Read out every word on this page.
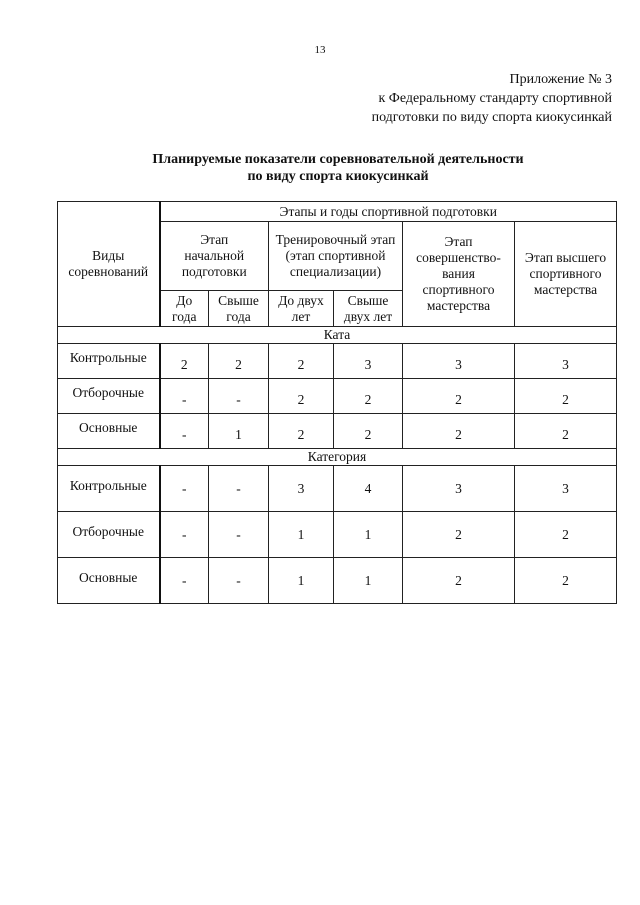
13
Приложение № 3
к Федеральному стандарту спортивной
подготовки по виду спорта киокусинкай
Планируемые показатели соревновательной деятельности
по виду спорта киокусинкай
Виды соревнований	Этапы и годы спортивной подготовки					

	Этап начальной подготовки		Тренировочный этап (этап спортивной специализации)		Этап совершенство-вания спортивного мастерства	Этап высшего спортивного мастерства

	До года	Свыше года	До двух лет	Свыше двух лет		

Ката						
Контрольные	2	2	2	3	3	3
Отборочные	-	-	2	2	2	2
Основные	-	1	2	2	2	2
Категория						
Контрольные	-	-	3	4	3	3
Отборочные	-	-	1	1	2	2
Основные	-	-	1	1	2	2
